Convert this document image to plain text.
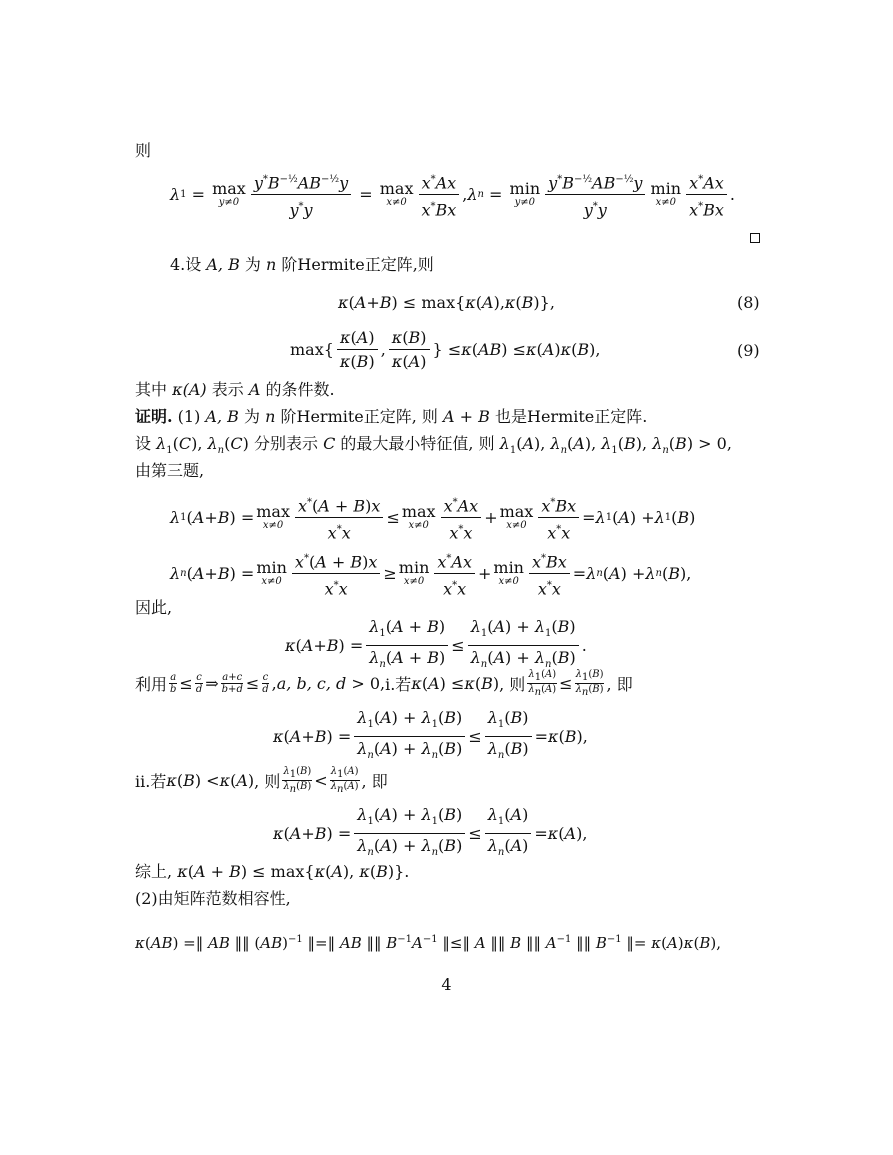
则
λ 1 = max
$y\ne 0 \frac{y^*B^{-\frac{1}{2}}AB^{-\frac{1}{2}}y}{y^*y} = \max$
$x\ne 0 \frac{x^*Ax}{x^*Bx}$ , λ n = min
$y\ne 0 \frac{y^*B^{-\frac{1}{2}}AB^{-\frac{1}{2}}y}{y^*y}$ min
$x\ne 0 \frac{x^*Ax}{x^*Bx}$ .
4.设 A, B 为 n 阶Hermite正定阵,则
κ ( A + B ) ≤ max{ κ ( A ), κ ( B )},	(8)
$\max\{ \frac{\kappa(A)}{\kappa(B)}$ , $\frac{\kappa(B)}{\kappa(A)}$ } ≤ κ ( AB ) ≤ κ ( A ) κ ( B ),	(9)
其中 κ(A) 表示 A 的条件数.
证明. (1) A, B 为 n 阶Hermite正定阵, 则 A + B 也是Hermite正定阵.
设 $\lambda_1(C)$, $\lambda_n(C)$ 分别表示 C 的最大最小特征值, 则 $\lambda_1(A)$, $\lambda_n(A)$, $\lambda_1(B)$, $\lambda_n(B) > 0$,
由第三题,
λ 1 ( A + B ) = max
$x\ne 0 \frac{x^*(A + B)x}{x^*x} \le \max$
$x\ne 0 \frac{x^*Ax}{x^*x} + \max$
$x\ne 0 \frac{x^*Bx}{x^*x} = \lambda$ 1 ( A ) + λ 1 ( B )
λ n ( A + B ) = min
$x\ne 0 \frac{x^*(A + B)x}{x^*x} \ge \min$
$x\ne 0 \frac{x^*Ax}{x^*x} + \min$
$x\ne 0 \frac{x^*Bx}{x^*x} = \lambda$ n ( A ) + λ n ( B ),
因此,
κ ( A + B ) = $\frac{\lambda_1(A + B)}{\lambda_n(A + B)} \le \frac{\lambda_1(A) + \lambda_1(B)}{\lambda_n(A) + \lambda_n(B)}$ .
利用 $\frac{a}{b} \le \frac{c}{d}$ ⇒ $\frac{a+c}{b+d} \le \frac{c}{d}$ , a, b, c, d > 0, i.若 κ ( A ) ≤ κ ( B ) , 则 $\frac{\lambda_1(A)}{\lambda_n(A)} \le \frac{\lambda_1(B)}{\lambda_n(B)}$ , 即
κ ( A + B ) = $\frac{\lambda_1(A) + \lambda_1(B)}{\lambda_n(A) + \lambda_n(B)} \le \frac{\lambda_1(B)}{\lambda_n(B)} = \kappa$ ( B ),
ii.若 κ ( B ) < κ ( A ) , 则 $\frac{\lambda_1(B)}{\lambda_n(B)} < \frac{\lambda_1(A)}{\lambda_n(A)}$ , 即
κ ( A + B ) = $\frac{\lambda_1(A) + \lambda_1(B)}{\lambda_n(A) + \lambda_n(B)} \le \frac{\lambda_1(A)}{\lambda_n(A)} = \kappa$ ( A ),
综上, κ(A + B) ≤ max{κ(A), κ(B)}.
(2)由矩阵范数相容性,
κ(AB) =‖ AB ‖‖ (AB)$^{-1}$ ‖=‖ AB ‖‖ $B^{-1}A^{-1}$ ‖≤‖ A ‖‖ B ‖‖ $A^{-1}$ ‖‖ $B^{-1}$ ‖= κ(A)κ(B),
4
